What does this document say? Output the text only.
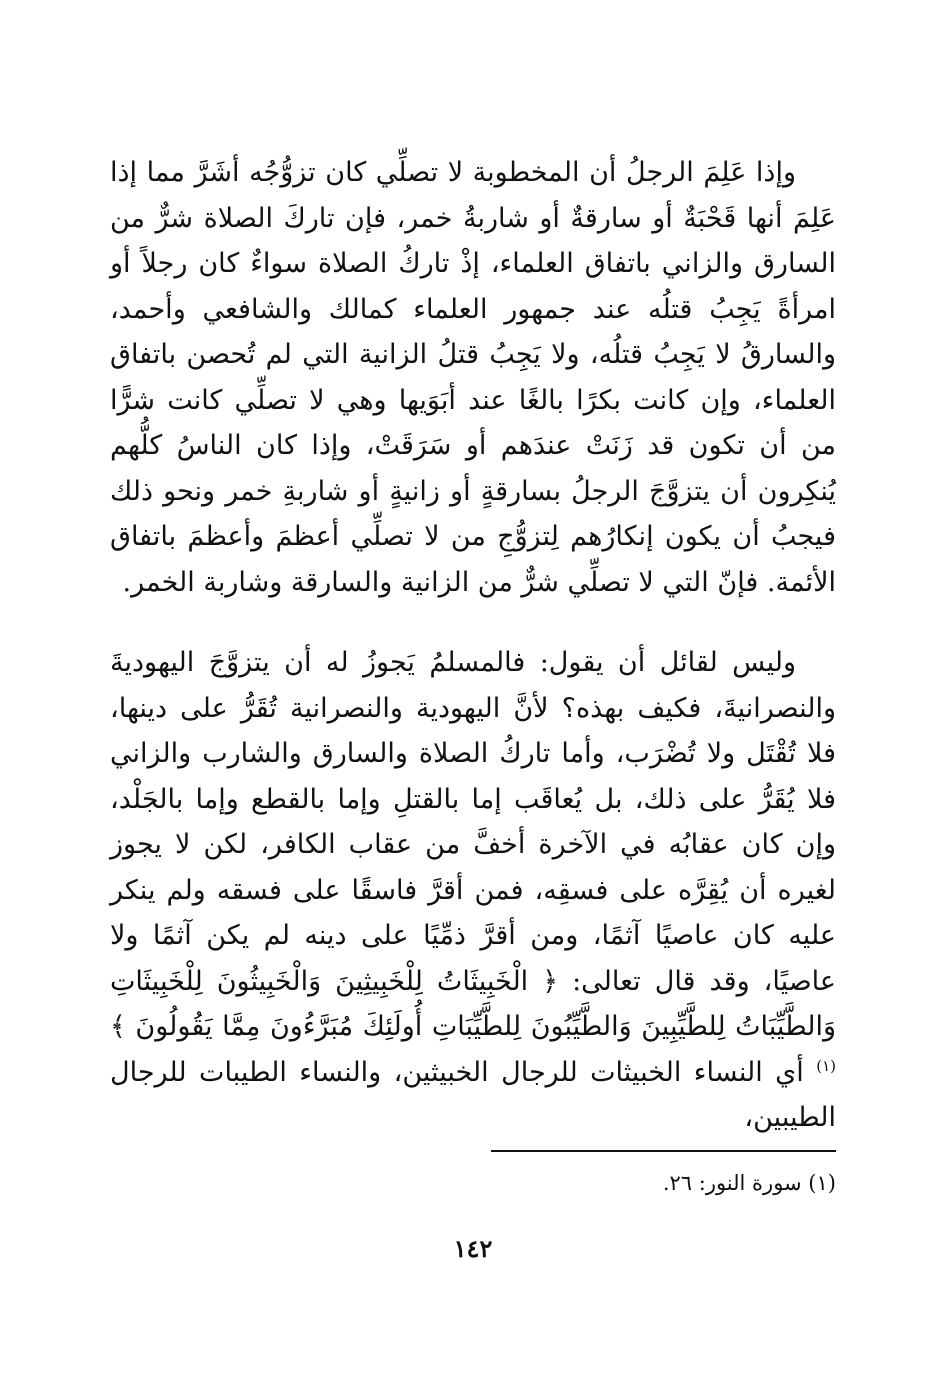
وإذا عَلِمَ الرجلُ أن المخطوبة لا تصلِّي كان تزوُّجُه أشَرَّ مما إذا عَلِمَ أنها قَحْبَةٌ أو سارقةٌ أو شاربةُ خمر، فإن تاركَ الصلاة شرٌّ من السارق والزاني باتفاق العلماء، إذْ تاركُ الصلاة سواءٌ كان رجلاً أو امرأةً يَجِبُ قتلُه عند جمهور العلماء كمالك والشافعي وأحمد، والسارقُ لا يَجِبُ قتلُه، ولا يَجِبُ قتلُ الزانية التي لم تُحصن باتفاق العلماء، وإن كانت بكرًا بالغًا عند أبَوَيها وهي لا تصلِّي كانت شرًّا من أن تكون قد زَنَتْ عندَهم أو سَرَقَتْ، وإذا كان الناسُ كلُّهم يُنكِرون أن يتزوَّجَ الرجلُ بسارقةٍ أو زانيةٍ أو شاربةِ خمر ونحو ذلك فيجبُ أن يكون إنكارُهم لِتزوُّجِ من لا تصلِّي أعظمَ وأعظمَ باتفاق الأئمة. فإنّ التي لا تصلِّي شرٌّ من الزانية والسارقة وشاربة الخمر.

وليس لقائل أن يقول: فالمسلمُ يَجوزُ له أن يتزوَّجَ اليهوديةَ والنصرانيةَ، فكيف بهذه؟ لأنَّ اليهودية والنصرانية تُقَرُّ على دينها، فلا تُقْتَل ولا تُضْرَب، وأما تاركُ الصلاة والسارق والشارب والزاني فلا يُقَرُّ على ذلك، بل يُعاقَب إما بالقتلِ وإما بالقطع وإما بالجَلْد، وإن كان عقابُه في الآخرة أخفَّ من عقاب الكافر، لكن لا يجوز لغيره أن يُقِرَّه على فسقِه، فمن أقرَّ فاسقًا على فسقه ولم ينكر عليه كان عاصيًا آثمًا، ومن أقرَّ ذمِّيًا على دينه لم يكن آثمًا ولا عاصيًا، وقد قال تعالى: ﴿ الْخَبِيثَاتُ لِلْخَبِيثِينَ وَالْخَبِيثُونَ لِلْخَبِيثَاتِ وَالطَّيِّبَاتُ لِلطَّيِّبِينَ وَالطَّيِّبُونَ لِلطَّيِّبَاتِ أُولَئِكَ مُبَرَّءُونَ مِمَّا يَقُولُونَ ﴾$^{(١)}$ أي النساء الخبيثات للرجال الخبيثين، والنساء الطيبات للرجال الطيبين،

(١) سورة النور: ٢٦.
١٤٢
